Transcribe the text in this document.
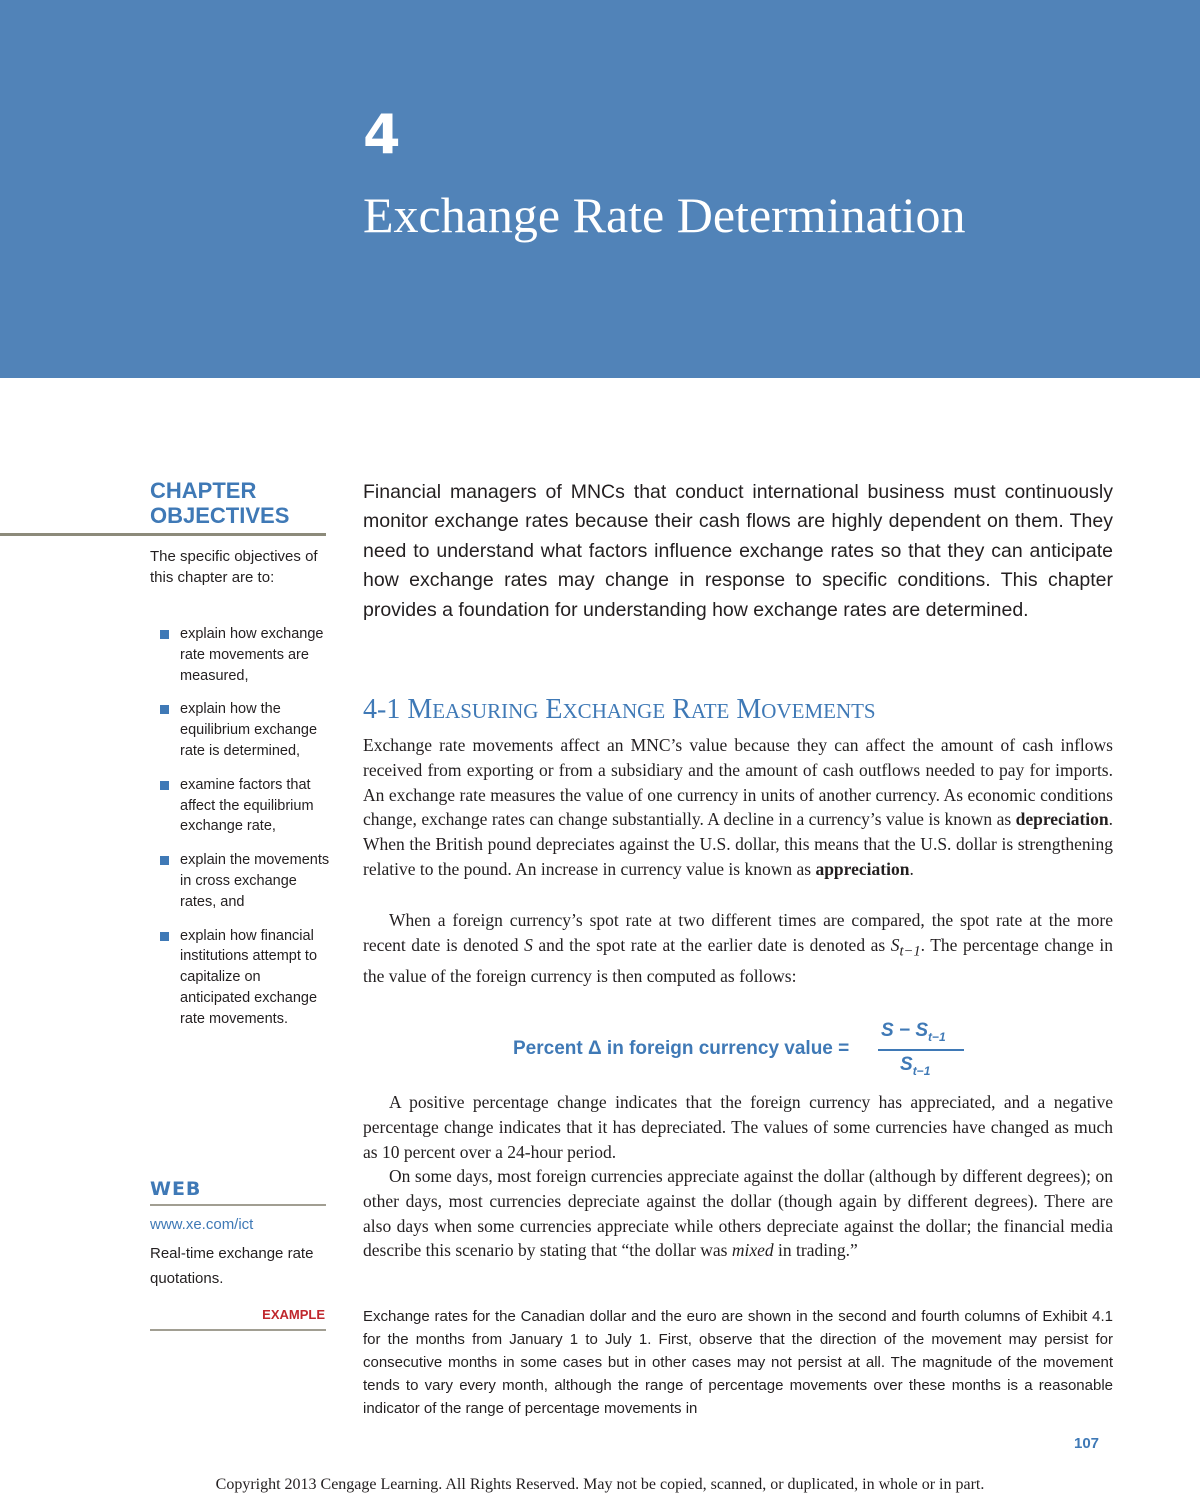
4
Exchange Rate Determination
CHAPTER
OBJECTIVES
The specific objectives of this chapter are to:
explain how exchange rate movements are measured,
explain how the equilibrium exchange rate is determined,
examine factors that affect the equilibrium exchange rate,
explain the movements in cross exchange rates, and
explain how financial institutions attempt to capitalize on anticipated exchange rate movements.
WEB
www.xe.com/ict
Real-time exchange rate quotations.
EXAMPLE
Financial managers of MNCs that conduct international business must continuously monitor exchange rates because their cash flows are highly dependent on them. They need to understand what factors influence exchange rates so that they can anticipate how exchange rates may change in response to specific conditions. This chapter provides a foundation for understanding how exchange rates are determined.
4-1 MEASURING EXCHANGE RATE MOVEMENTS

Exchange rate movements affect an MNC’s value because they can affect the amount of cash inflows received from exporting or from a subsidiary and the amount of cash outflows needed to pay for imports. An exchange rate measures the value of one currency in units of another currency. As economic conditions change, exchange rates can change substantially. A decline in a currency’s value is known as depreciation. When the British pound depreciates against the U.S. dollar, this means that the U.S. dollar is strengthening relative to the pound. An increase in currency value is known as appreciation.

When a foreign currency’s spot rate at two different times are compared, the spot rate at the more recent date is denoted S and the spot rate at the earlier date is denoted as $S_{t-1}$. The percentage change in the value of the foreign currency is then computed as follows:

Percent Δ in foreign currency value =
$S - S_{t-1}$
$S_{t-1}$

A positive percentage change indicates that the foreign currency has appreciated, and a negative percentage change indicates that it has depreciated. The values of some currencies have changed as much as 10 percent over a 24-hour period.

On some days, most foreign currencies appreciate against the dollar (although by different degrees); on other days, most currencies depreciate against the dollar (though again by different degrees). There are also days when some currencies appreciate while others depreciate against the dollar; the financial media describe this scenario by stating that “the dollar was mixed in trading.”

Exchange rates for the Canadian dollar and the euro are shown in the second and fourth columns of Exhibit 4.1 for the months from January 1 to July 1. First, observe that the direction of the movement may persist for consecutive months in some cases but in other cases may not persist at all. The magnitude of the movement tends to vary every month, although the range of percentage movements over these months is a reasonable indicator of the range of percentage movements in
107
Copyright 2013 Cengage Learning. All Rights Reserved. May not be copied, scanned, or duplicated, in whole or in part.
